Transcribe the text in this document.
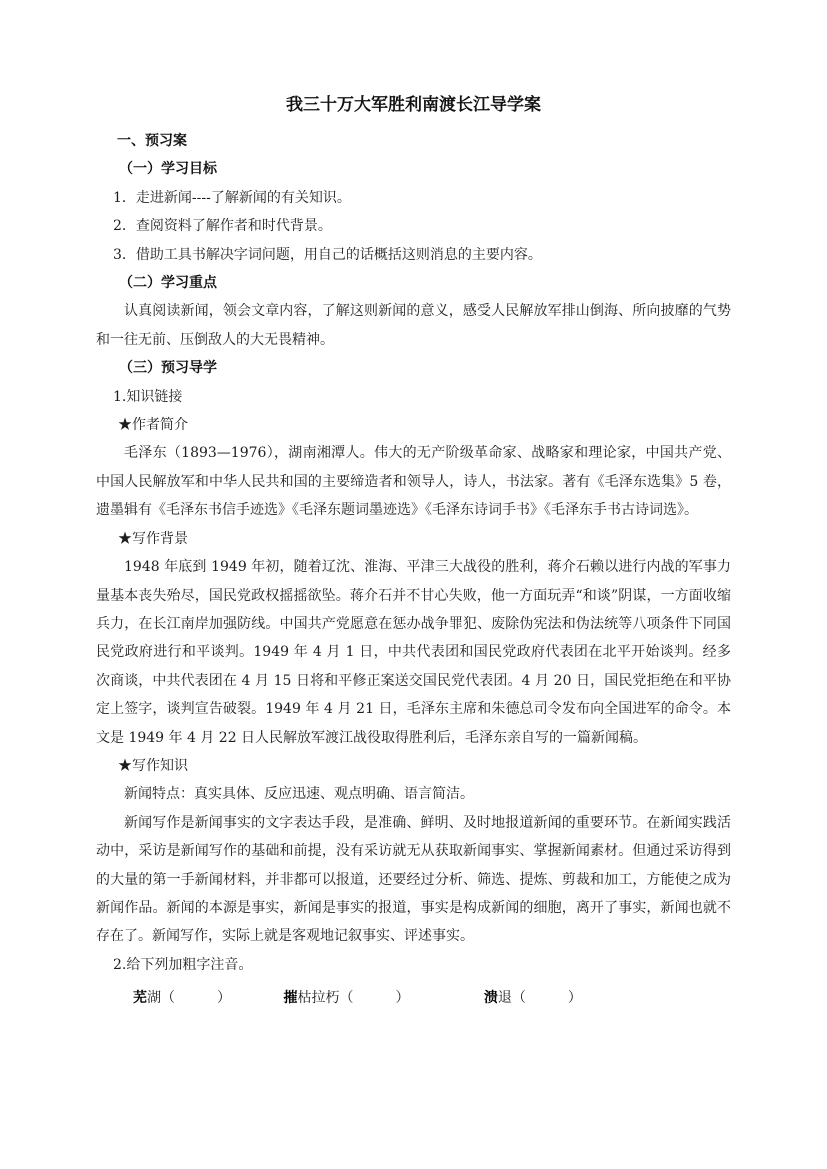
我三十万大军胜利南渡长江导学案
一、预习案
（一）学习目标
1．走进新闻----了解新闻的有关知识。
2．查阅资料了解作者和时代背景。
3．借助工具书解决字词问题，用自己的话概括这则消息的主要内容。
（二）学习重点
认真阅读新闻，领会文章内容，了解这则新闻的意义，感受人民解放军排山倒海、所向披靡的气势和一往无前、压倒敌人的大无畏精神。
（三）预习导学
1.知识链接
★作者简介
毛泽东（1893—1976），湖南湘潭人。伟大的无产阶级革命家、战略家和理论家，中国共产党、中国人民解放军和中华人民共和国的主要缔造者和领导人，诗人，书法家。著有《毛泽东选集》5 卷，遗墨辑有《毛泽东书信手迹选》《毛泽东题词墨迹选》《毛泽东诗词手书》《毛泽东手书古诗词选》。
★写作背景
1948 年底到 1949 年初，随着辽沈、淮海、平津三大战役的胜利，蒋介石赖以进行内战的军事力量基本丧失殆尽，国民党政权摇摇欲坠。蒋介石并不甘心失败，他一方面玩弄“和谈”阴谋，一方面收缩兵力，在长江南岸加强防线。中国共产党愿意在惩办战争罪犯、废除伪宪法和伪法统等八项条件下同国民党政府进行和平谈判。1949 年 4 月 1 日，中共代表团和国民党政府代表团在北平开始谈判。经多次商谈，中共代表团在 4 月 15 日将和平修正案送交国民党代表团。4 月 20 日，国民党拒绝在和平协定上签字，谈判宣告破裂。1949 年 4 月 21 日，毛泽东主席和朱德总司令发布向全国进军的命令。本文是 1949 年 4 月 22 日人民解放军渡江战役取得胜利后，毛泽东亲自写的一篇新闻稿。
★写作知识
新闻特点：真实具体、反应迅速、观点明确、语言简洁。
新闻写作是新闻事实的文字表达手段，是准确、鲜明、及时地报道新闻的重要环节。在新闻实践活动中，采访是新闻写作的基础和前提，没有采访就无从获取新闻事实、掌握新闻素材。但通过采访得到的大量的第一手新闻材料，并非都可以报道，还要经过分析、筛选、提炼、剪裁和加工，方能使之成为新闻作品。新闻的本源是事实，新闻是事实的报道，事实是构成新闻的细胞，离开了事实，新闻也就不存在了。新闻写作，实际上就是客观地记叙事实、评述事实。
2.给下列加粗字注音。
芜湖（　　　）	摧枯拉朽（　　　）	溃退（　　　）
